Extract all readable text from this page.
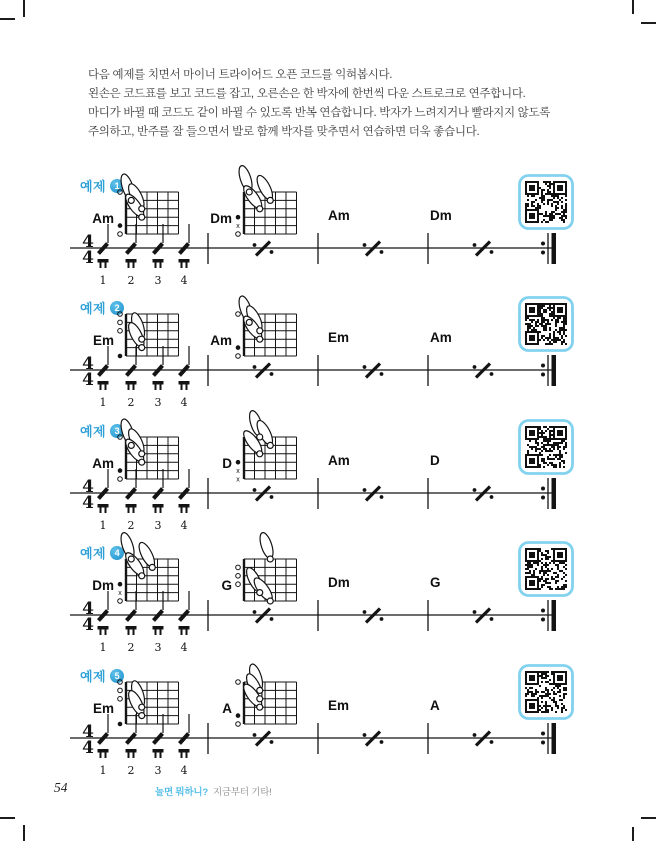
다음 예제를 치면서 마이너 트라이어드 오픈 코드를 익혀봅시다.
왼손은 코드표를 보고 코드를 잡고, 오른손은 한 박자에 한번씩 다운 스트로크로 연주합니다.
마디가 바뀔 때 코드도 같이 바뀔 수 있도록 반복 연습합니다. 박자가 느려지거나 빨라지지 않도록
주의하고, 반주를 잘 들으면서 발로 함께 박자를 맞추면서 연습하면 더욱 좋습니다.
예제 1
Am	Dm
x
Am	Dm
4
4
1 2 3 4
예제 2
Em	Am	Em	Am
4
4
1 2 3 4
예제 3
Am	D
x
x
Am	D
4
4
1 2 3 4
예제 4
Dm
x
G	Dm	G
4
4
1 2 3 4
예제 5
Em	A	Em	A
4
4
1 2 3 4
54	놀면 뭐하니? 지금부터 기타!
